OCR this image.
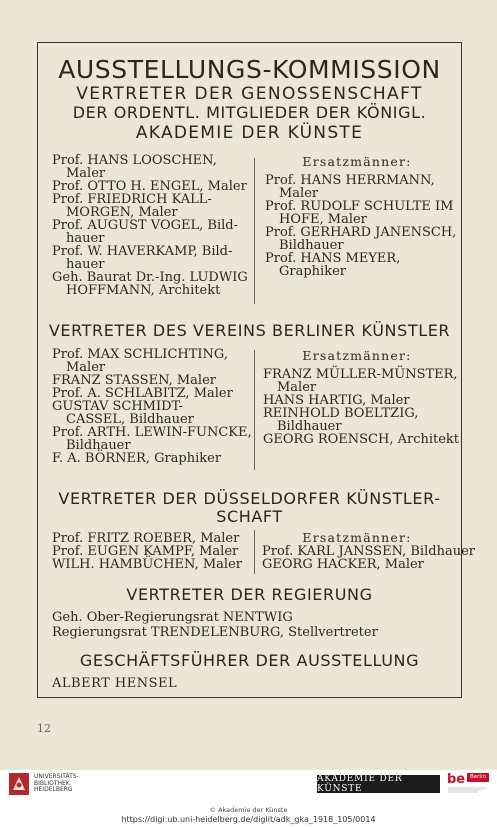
AUSSTELLUNGS-KOMMISSION
VERTRETER DER GENOSSENSCHAFT
DER ORDENTL. MITGLIEDER DER KÖNIGL.
AKADEMIE DER KÜNSTE
Prof. HANS LOOSCHEN,
Maler
Prof. OTTO H. ENGEL, Maler
Prof. FRIEDRICH KALL-
MORGEN, Maler
Prof. AUGUST VOGEL, Bild-
hauer
Prof. W. HAVERKAMP, Bild-
hauer
Geh. Baurat Dr.-Ing. LUDWIG
HOFFMANN, Architekt
Ersatzmänner:
Prof. HANS HERRMANN,
Maler
Prof. RUDOLF SCHULTE IM
HOFE, Maler
Prof. GERHARD JANENSCH,
Bildhauer
Prof. HANS MEYER,
Graphiker
VERTRETER DES VEREINS BERLINER KÜNSTLER
Prof. MAX SCHLICHTING,
Maler
FRANZ STASSEN, Maler
Prof. A. SCHLABITZ, Maler
GUSTAV SCHMIDT-
CASSEL, Bildhauer
Prof. ARTH. LEWIN-FUNCKE,
Bildhauer
F. A. BÖRNER, Graphiker
Ersatzmänner:
FRANZ MÜLLER-MÜNSTER,
Maler
HANS HARTIG, Maler
REINHOLD BOELTZIG,
Bildhauer
GEORG ROENSCH, Architekt
VERTRETER DER DÜSSELDORFER KÜNSTLER-
SCHAFT
Prof. FRITZ ROEBER, Maler
Prof. EUGEN KAMPF, Maler
WILH. HAMBÜCHEN, Maler
Ersatzmänner:
Prof. KARL JANSSEN, Bildhauer
GEORG HACKER, Maler
VERTRETER DER REGIERUNG
Geh. Ober-Regierungsrat NENTWIG
Regierungsrat TRENDELENBURG, Stellvertreter
GESCHÄFTSFÜHRER DER AUSSTELLUNG
ALBERT HENSEL
12
UNIVERSITÄTS-
BIBLIOTHEK
HEIDELBERG
AKADEMIE DER KÜNSTE
be Berlin
© Akademie der Künste
https://digi.ub.uni-heidelberg.de/diglit/adk_gka_1918_105/0014
